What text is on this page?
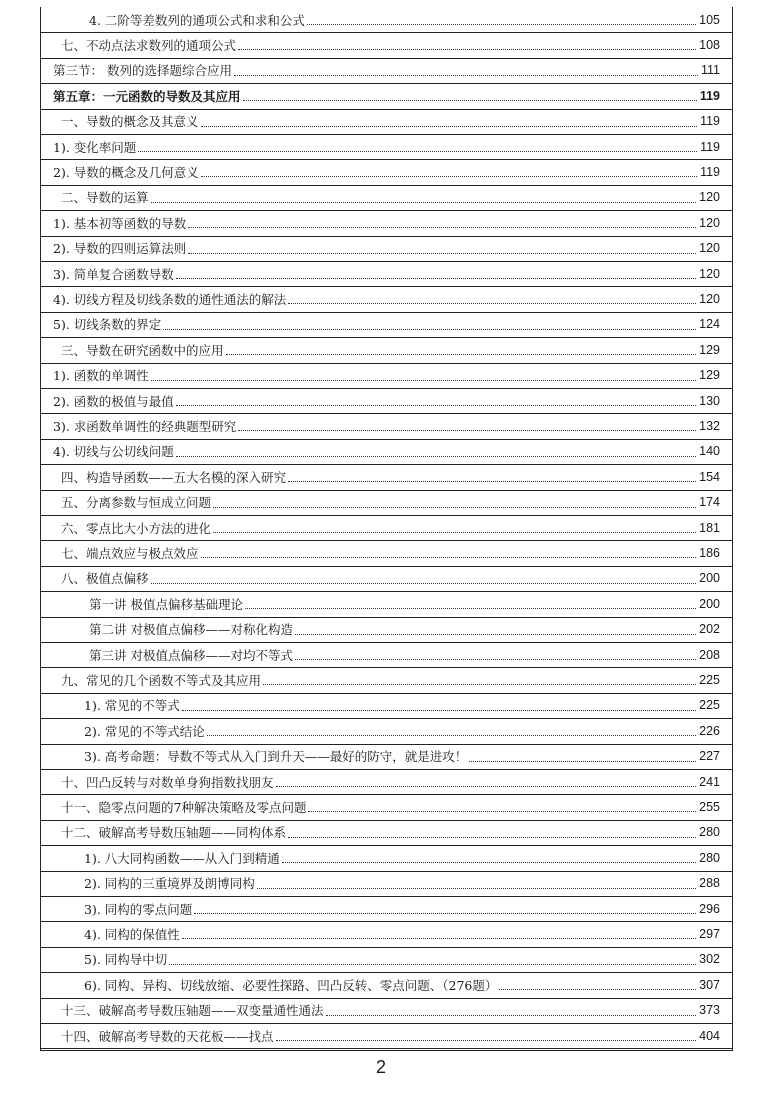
4. 二阶等差数列的通项公式和求和公式	105
七、不动点法求数列的通项公式	108
第三节： 数列的选择题综合应用	111
第五章：一元函数的导数及其应用	119
一、导数的概念及其意义	119
1). 变化率问题	119
2). 导数的概念及几何意义	119
二、导数的运算	120
1). 基本初等函数的导数	120
2). 导数的四则运算法则	120
3). 简单复合函数导数	120
4). 切线方程及切线条数的通性通法的解法	120
5). 切线条数的界定	124
三、导数在研究函数中的应用	129
1). 函数的单调性	129
2). 函数的极值与最值	130
3). 求函数单调性的经典题型研究	132
4). 切线与公切线问题	140
四、构造导函数——五大名模的深入研究	154
五、分离参数与恒成立问题	174
六、零点比大小方法的进化	181
七、端点效应与极点效应	186
八、极值点偏移	200
第一讲 极值点偏移基础理论	200
第二讲 对极值点偏移——对称化构造	202
第三讲 对极值点偏移——对均不等式	208
九、常见的几个函数不等式及其应用	225
1). 常见的不等式	225
2). 常见的不等式结论	226
3). 高考命题：导数不等式从入门到升天——最好的防守，就是进攻！	227
十、凹凸反转与对数单身狗指数找朋友	241
十一、隐零点问题的7种解决策略及零点问题	255
十二、破解高考导数压轴题——同构体系	280
1). 八大同构函数——从入门到精通	280
2). 同构的三重境界及朗博同构	288
3). 同构的零点问题	296
4). 同构的保值性	297
5). 同构导中切	302
6). 同构、异构、切线放缩、必要性探路、凹凸反转、零点问题、（276题）	307
十三、破解高考导数压轴题——双变量通性通法	373
十四、破解高考导数的天花板——找点	404
2
